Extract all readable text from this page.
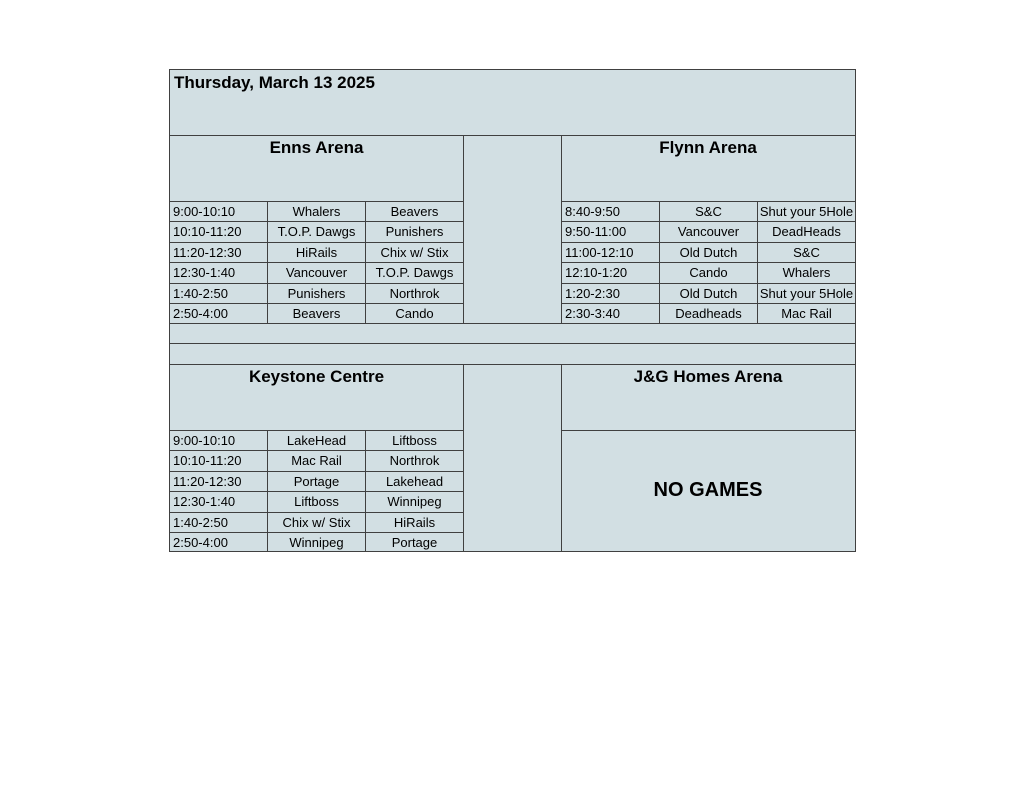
Thursday, March 13 2025
Enns Arena	Flynn Arena
Keystone Centre	J&G Homes Arena
9:00-10:10	Whalers	Beavers
10:10-11:20	T.O.P. Dawgs	Punishers
11:20-12:30	HiRails	Chix w/ Stix
12:30-1:40	Vancouver	T.O.P. Dawgs
1:40-2:50	Punishers	Northrok
2:50-4:00	Beavers	Cando
8:40-9:50	S&C	Shut your 5Hole
9:50-11:00	Vancouver	DeadHeads
11:00-12:10	Old Dutch	S&C
12:10-1:20	Cando	Whalers
1:20-2:30	Old Dutch	Shut your 5Hole
2:30-3:40	Deadheads	Mac Rail
9:00-10:10	LakeHead	Liftboss
10:10-11:20	Mac Rail	Northrok
11:20-12:30	Portage	Lakehead
12:30-1:40	Liftboss	Winnipeg
1:40-2:50	Chix w/ Stix	HiRails
2:50-4:00	Winnipeg	Portage
NO GAMES
